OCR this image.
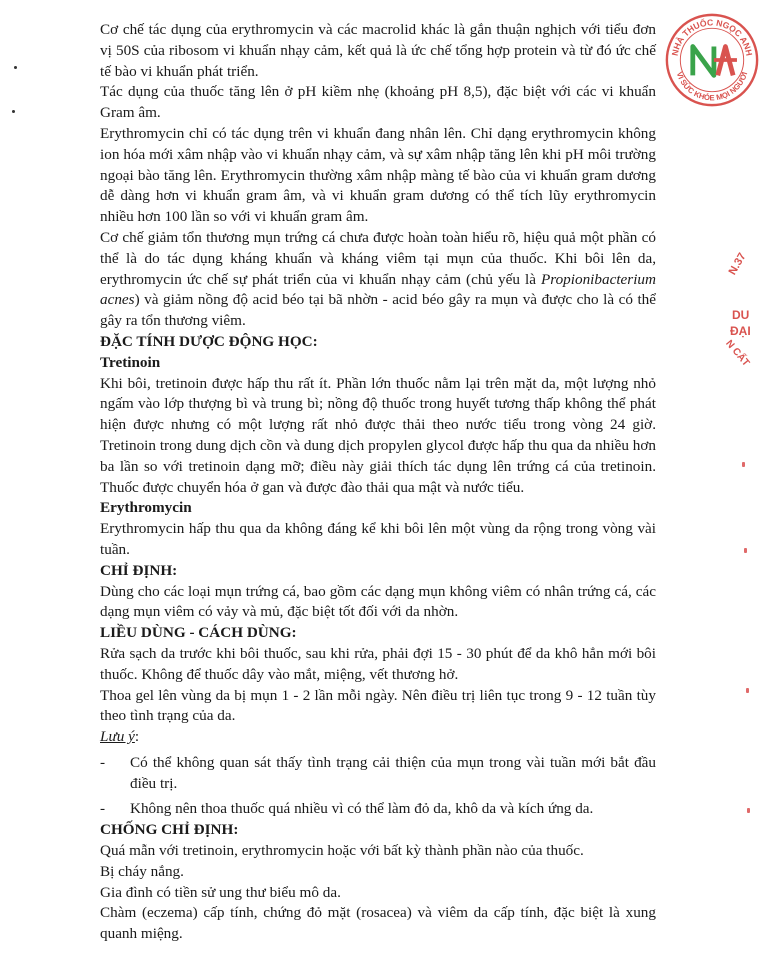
NHÀ THUỐC NGỌC ANH
VÌ SỨC KHỎE MỌI NGƯỜI
N.37
DU
ĐẠI
N CẤT

Cơ chế tác dụng của erythromycin và các macrolid khác là gắn thuận nghịch với tiểu đơn vị 50S của ribosom vi khuẩn nhạy cảm, kết quả là ức chế tổng hợp protein và từ đó ức chế tế bào vi khuẩn phát triển.

Tác dụng của thuốc tăng lên ở pH kiềm nhẹ (khoảng pH 8,5), đặc biệt với các vi khuẩn Gram âm.

Erythromycin chỉ có tác dụng trên vi khuẩn đang nhân lên. Chỉ dạng erythromycin không ion hóa mới xâm nhập vào vi khuẩn nhạy cảm, và sự xâm nhập tăng lên khi pH môi trường ngoại bào tăng lên. Erythromycin thường xâm nhập màng tế bào của vi khuẩn gram dương dễ dàng hơn vi khuẩn gram âm, và vi khuẩn gram dương có thể tích lũy erythromycin nhiều hơn 100 lần so với vi khuẩn gram âm.

Cơ chế giảm tổn thương mụn trứng cá chưa được hoàn toàn hiểu rõ, hiệu quả một phần có thể là do tác dụng kháng khuẩn và kháng viêm tại mụn của thuốc. Khi bôi lên da, erythromycin ức chế sự phát triển của vi khuẩn nhạy cảm (chủ yếu là Propionibacterium acnes) và giảm nồng độ acid béo tại bã nhờn - acid béo gây ra mụn và được cho là có thể gây ra tổn thương viêm.

ĐẶC TÍNH DƯỢC ĐỘNG HỌC:

Tretinoin

Khi bôi, tretinoin được hấp thu rất ít. Phần lớn thuốc nằm lại trên mặt da, một lượng nhỏ ngấm vào lớp thượng bì và trung bì; nồng độ thuốc trong huyết tương thấp không thể phát hiện được nhưng có một lượng rất nhỏ được thải theo nước tiểu trong vòng 24 giờ. Tretinoin trong dung dịch cồn và dung dịch propylen glycol được hấp thu qua da nhiều hơn ba lần so với tretinoin dạng mỡ; điều này giải thích tác dụng lên trứng cá của tretinoin. Thuốc được chuyển hóa ở gan và được đào thải qua mật và nước tiểu.

Erythromycin

Erythromycin hấp thu qua da không đáng kể khi bôi lên một vùng da rộng trong vòng vài tuần.

CHỈ ĐỊNH:

Dùng cho các loại mụn trứng cá, bao gồm các dạng mụn không viêm có nhân trứng cá, các dạng mụn viêm có vảy và mủ, đặc biệt tốt đối với da nhờn.

LIỀU DÙNG - CÁCH DÙNG:

Rửa sạch da trước khi bôi thuốc, sau khi rửa, phải đợi 15 - 30 phút để da khô hẳn mới bôi thuốc. Không để thuốc dây vào mắt, miệng, vết thương hở.

Thoa gel lên vùng da bị mụn 1 - 2 lần mỗi ngày. Nên điều trị liên tục trong 9 - 12 tuần tùy theo tình trạng của da.

Lưu ý:

-	Có thể không quan sát thấy tình trạng cải thiện của mụn trong vài tuần mới bắt đầu điều trị.
-	Không nên thoa thuốc quá nhiều vì có thể làm đỏ da, khô da và kích ứng da.

CHỐNG CHỈ ĐỊNH:

Quá mẫn với tretinoin, erythromycin hoặc với bất kỳ thành phần nào của thuốc.

Bị cháy nắng.

Gia đình có tiền sử ung thư biểu mô da.

Chàm (eczema) cấp tính, chứng đỏ mặt (rosacea) và viêm da cấp tính, đặc biệt là xung quanh miệng.
